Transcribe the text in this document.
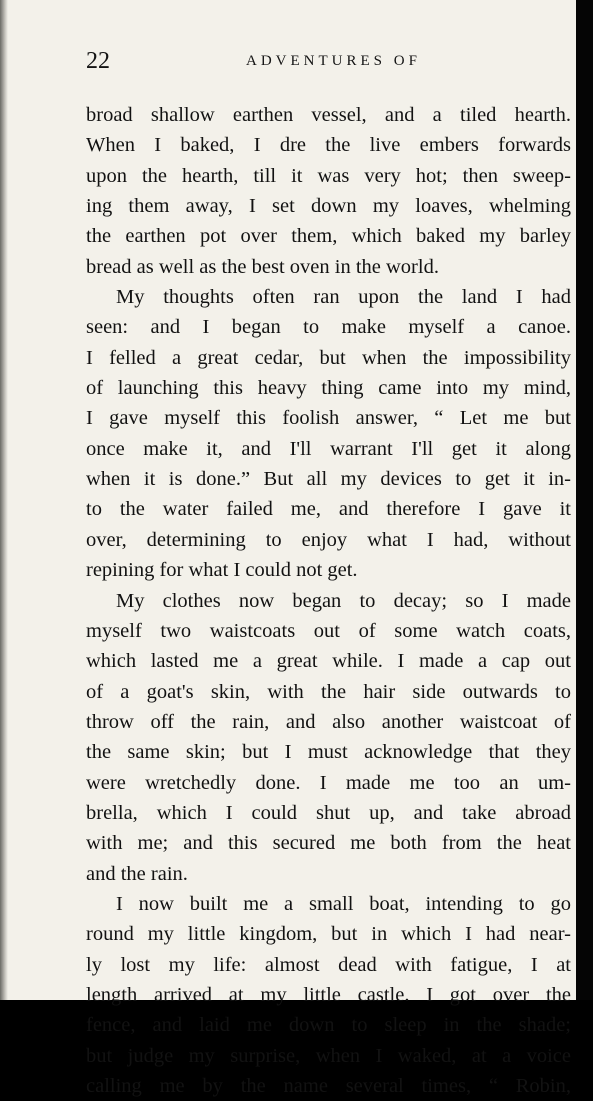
22	ADVENTURES OF
broad shallow earthen vessel, and a tiled hearth.
When I baked, I dre the live embers forwards
upon the hearth, till it was very hot; then sweep-
ing them away, I set down my loaves, whelming
the earthen pot over them, which baked my barley
bread as well as the best oven in the world.
My thoughts often ran upon the land I had
seen: and I began to make myself a canoe.
I felled a great cedar, but when the impossibility
of launching this heavy thing came into my mind,
I gave myself this foolish answer, “ Let me but
once make it, and I'll warrant I'll get it along
when it is done.” But all my devices to get it in-
to the water failed me, and therefore I gave it
over, determining to enjoy what I had, without
repining for what I could not get.
My clothes now began to decay; so I made
myself two waistcoats out of some watch coats,
which lasted me a great while. I made a cap out
of a goat's skin, with the hair side outwards to
throw off the rain, and also another waistcoat of
the same skin; but I must acknowledge that they
were wretchedly done. I made me too an um-
brella, which I could shut up, and take abroad
with me; and this secured me both from the heat
and the rain.
I now built me a small boat, intending to go
round my little kingdom, but in which I had near-
ly lost my life: almost dead with fatigue, I at
length arrived at my little castle. I got over the
fence, and laid me down to sleep in the shade;
but judge my surprise, when I waked, at a voice
calling me by the name several times, “ Robin,
